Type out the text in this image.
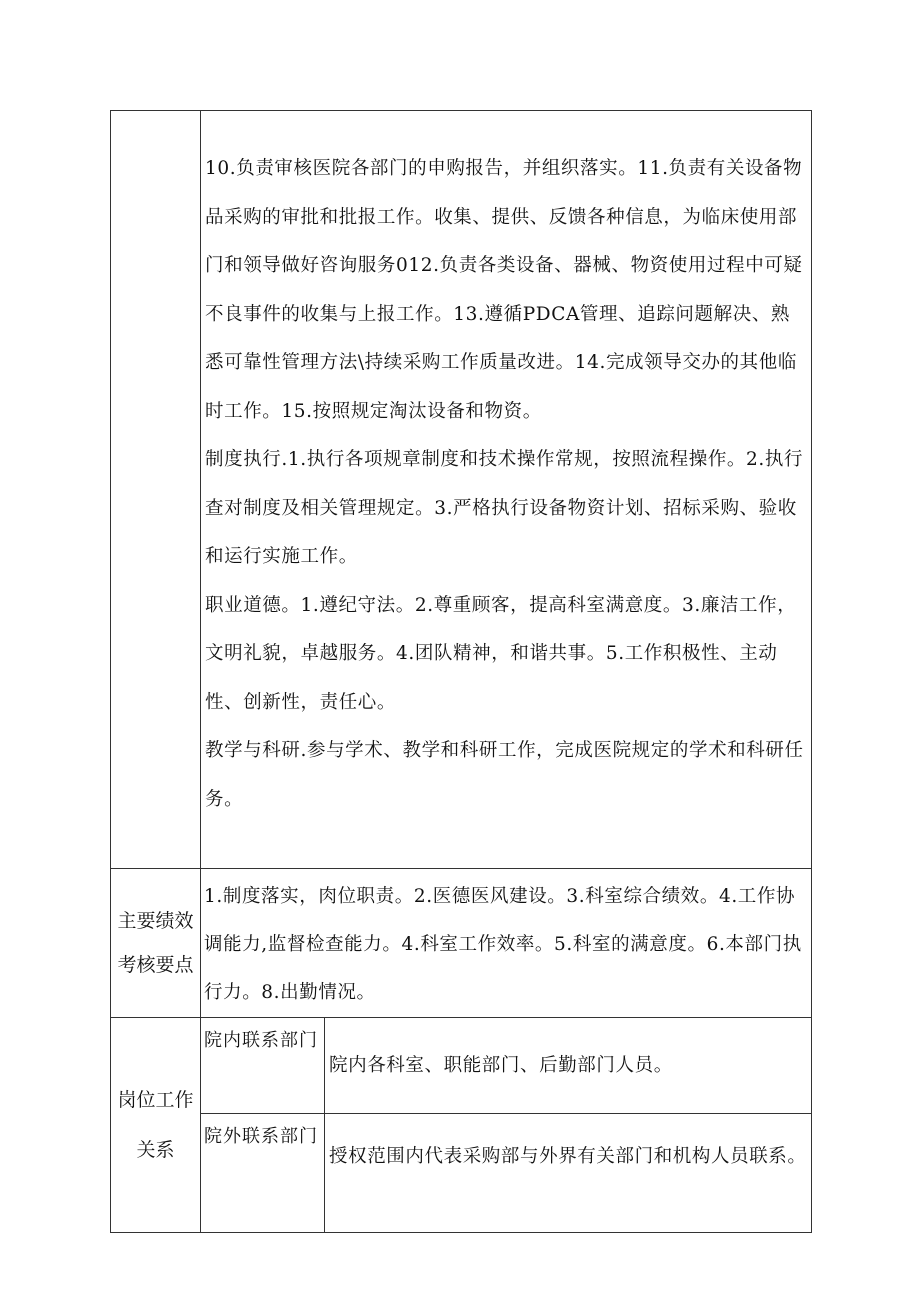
	10.负责审核医院各部门的申购报告，并组织落实。11.负责有关设备物品采购的审批和批报工作。收集、提供、反馈各种信息，为临床使用部门和领导做好咨询服务012.负责各类设备、器械、物资使用过程中可疑不良事件的收集与上报工作。13.遵循PDCA管理、追踪问题解决、熟悉可靠性管理方法\持续采购工作质量改进。14.完成领导交办的其他临时工作。15.按照规定淘汰设备和物资。

制度执行.1.执行各项规章制度和技术操作常规，按照流程操作。2.执行查对制度及相关管理规定。3.严格执行设备物资计划、招标采购、验收和运行实施工作。

职业道德。1.遵纪守法。2.尊重顾客，提高科室满意度。3.廉洁工作，文明礼貌，卓越服务。4.团队精神，和谐共事。5.工作积极性、主动性、创新性，责任心。

教学与科研.参与学术、教学和科研工作，完成医院规定的学术和科研任务。	

主要绩效考核要点	1.制度落实，肉位职责。2.医德医风建设。3.科室综合绩效。4.工作协调能力,监督检查能力。4.科室工作效率。5.科室的满意度。6.本部门执行力。8.出勤情况。	
岗位工作关系	院内联系部门	院内各科室、职能部门、后勤部门人员。
	院外联系部门	授权范围内代表采购部与外界有关部门和机构人员联系。
